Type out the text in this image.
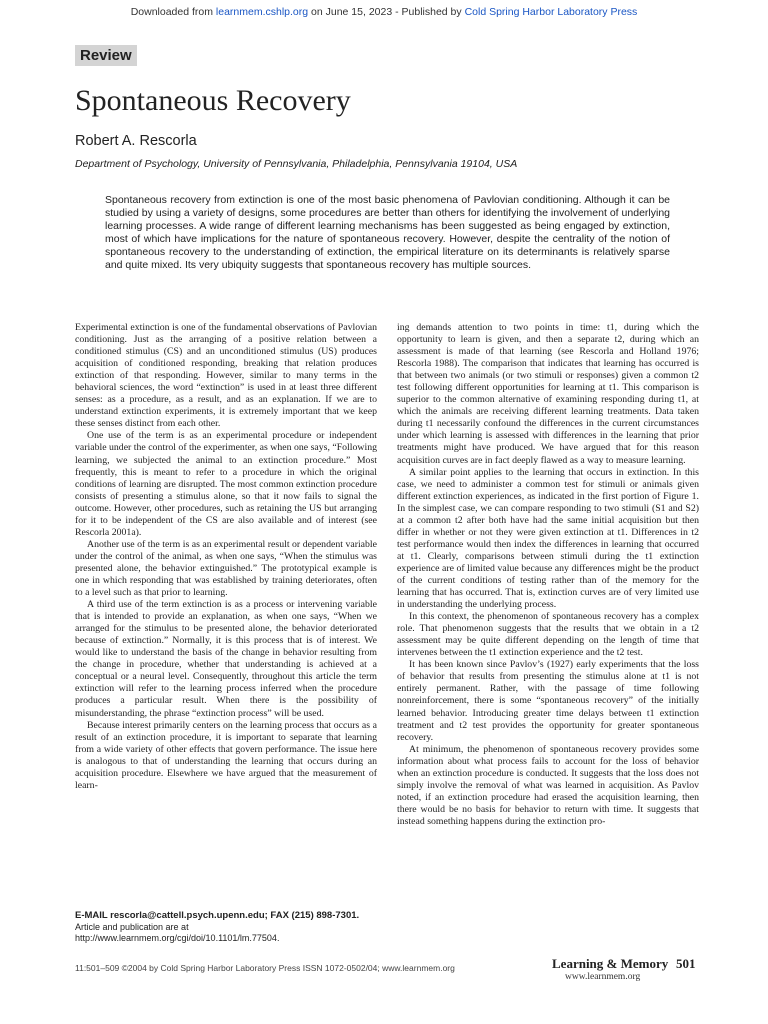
Downloaded from learnmem.cshlp.org on June 15, 2023 - Published by Cold Spring Harbor Laboratory Press
Review
Spontaneous Recovery
Robert A. Rescorla
Department of Psychology, University of Pennsylvania, Philadelphia, Pennsylvania 19104, USA

Spontaneous recovery from extinction is one of the most basic phenomena of Pavlovian conditioning. Although it can be studied by using a variety of designs, some procedures are better than others for identifying the involvement of underlying learning processes. A wide range of different learning mechanisms has been suggested as being engaged by extinction, most of which have implications for the nature of spontaneous recovery. However, despite the centrality of the notion of spontaneous recovery to the understanding of extinction, the empirical literature on its determinants is relatively sparse and quite mixed. Its very ubiquity suggests that spontaneous recovery has multiple sources.

Experimental extinction is one of the fundamental observations of Pavlovian conditioning. Just as the arranging of a positive relation between a conditioned stimulus (CS) and an unconditioned stimulus (US) produces acquisition of conditioned responding, breaking that relation produces extinction of that responding. However, similar to many terms in the behavioral sciences, the word “extinction” is used in at least three different senses: as a procedure, as a result, and as an explanation. If we are to understand extinction experiments, it is extremely important that we keep these senses distinct from each other.

One use of the term is as an experimental procedure or independent variable under the control of the experimenter, as when one says, “Following learning, we subjected the animal to an extinction procedure.” Most frequently, this is meant to refer to a procedure in which the original conditions of learning are disrupted. The most common extinction procedure consists of presenting a stimulus alone, so that it now fails to signal the outcome. However, other procedures, such as retaining the US but arranging for it to be independent of the CS are also available and of interest (see Rescorla 2001a).

Another use of the term is as an experimental result or dependent variable under the control of the animal, as when one says, “When the stimulus was presented alone, the behavior extinguished.” The prototypical example is one in which responding that was established by training deteriorates, often to a level such as that prior to learning.

A third use of the term extinction is as a process or intervening variable that is intended to provide an explanation, as when one says, “When we arranged for the stimulus to be presented alone, the behavior deteriorated because of extinction.” Normally, it is this process that is of interest. We would like to understand the basis of the change in behavior resulting from the change in procedure, whether that understanding is achieved at a conceptual or a neural level. Consequently, throughout this article the term extinction will refer to the learning process inferred when the procedure produces a particular result. When there is the possibility of misunderstanding, the phrase “extinction process” will be used.

Because interest primarily centers on the learning process that occurs as a result of an extinction procedure, it is important to separate that learning from a wide variety of other effects that govern performance. The issue here is analogous to that of understanding the learning that occurs during an acquisition procedure. Elsewhere we have argued that the measurement of learn-

ing demands attention to two points in time: t1, during which the opportunity to learn is given, and then a separate t2, during which an assessment is made of that learning (see Rescorla and Holland 1976; Rescorla 1988). The comparison that indicates that learning has occurred is that between two animals (or two stimuli or responses) given a common t2 test following different opportunities for learning at t1. This comparison is superior to the common alternative of examining responding during t1, at which the animals are receiving different learning treatments. Data taken during t1 necessarily confound the differences in the current circumstances under which learning is assessed with differences in the learning that prior treatments might have produced. We have argued that for this reason acquisition curves are in fact deeply flawed as a way to measure learning.

A similar point applies to the learning that occurs in extinction. In this case, we need to administer a common test for stimuli or animals given different extinction experiences, as indicated in the first portion of Figure 1. In the simplest case, we can compare responding to two stimuli (S1 and S2) at a common t2 after both have had the same initial acquisition but then differ in whether or not they were given extinction at t1. Differences in t2 test performance would then index the differences in learning that occurred at t1. Clearly, comparisons between stimuli during the t1 extinction experience are of limited value because any differences might be the product of the current conditions of testing rather than of the memory for the learning that has occurred. That is, extinction curves are of very limited use in understanding the underlying process.

In this context, the phenomenon of spontaneous recovery has a complex role. That phenomenon suggests that the results that we obtain in a t2 assessment may be quite different depending on the length of time that intervenes between the t1 extinction experience and the t2 test.

It has been known since Pavlov’s (1927) early experiments that the loss of behavior that results from presenting the stimulus alone at t1 is not entirely permanent. Rather, with the passage of time following nonreinforcement, there is some “spontaneous recovery” of the initially learned behavior. Introducing greater time delays between t1 extinction treatment and t2 test provides the opportunity for greater spontaneous recovery.

At minimum, the phenomenon of spontaneous recovery provides some information about what process fails to account for the loss of behavior when an extinction procedure is conducted. It suggests that the loss does not simply involve the removal of what was learned in acquisition. As Pavlov noted, if an extinction procedure had erased the acquisition learning, then there would be no basis for behavior to return with time. It suggests that instead something happens during the extinction pro-

E-MAIL rescorla@cattell.psych.upenn.edu; FAX (215) 898-7301.
Article and publication are at http://www.learnmem.org/cgi/doi/10.1101/lm.77504.
11:501–509 ©2004 by Cold Spring Harbor Laboratory Press ISSN 1072-0502/04; www.learnmem.org	Learning & Memory 501
www.learnmem.org
